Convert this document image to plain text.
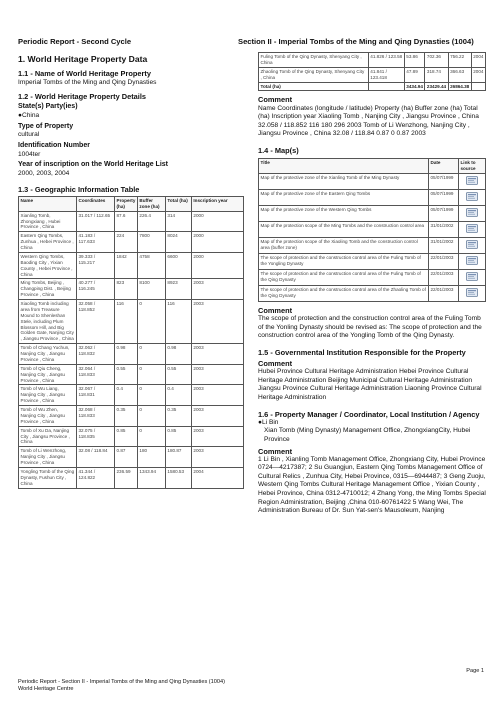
Periodic Report - Second Cycle	Section II - Imperial Tombs of the Ming and Qing Dynasties (1004)
1. World Heritage Property Data
1.1 - Name of World Heritage Property
Imperial Tombs of the Ming and Qing Dynasties
1.2 - World Heritage Property Details
State(s) Party(ies)
●China
Type of Property
cultural
Identification Number
1004ter
Year of inscription on the World Heritage List
2000, 2003, 2004
1.3 - Geographic Information Table
Name	Coordinates	Property (ha)	Buffer zone (ha)	Total (ha)	Inscription year
Xianling Tomb, Zhongxiang , Hubei Province , China	31.017 / 112.65	87.6	226.4	314	2000
Eastern Qing Tombs, Zunhua , Hebei Province , China	41.183 / 117.633	224	7800	8024	2000
Western Qing Tombs, Baoding City , Yixian County , Hebei Province , China	39.333 / 115.217	1842	4758	6600	2000
Ming Tombs, Beijing , Changping Dist. , Beijing Province , China	40.277 / 116.245	823	8100	8923	2003
Xiaoling Tomb including area from Treasure Mound to Shenleshan Stele, including Plum Blossom Hill, and Big Golden Gate, Nanjing City , Jiangsu Province , China	32.058 / 118.852	116	0	116	2003
Tomb of Chang Yuchun, Nanjing City , Jiangsu Province , China	32.062 / 118.832	0.98	0	0.98	2003
Tomb of Qiu Cheng, Nanjing City , Jiangsu Province , China	32.064 / 118.833	0.55	0	0.55	2003
Tomb of Wu Liang, Nanjing City , Jiangsu Province , China	32.067 / 118.831	0.4	0	0.4	2003
Tomb of Wu Zhen, Nanjing City , Jiangsu Province , China	32.068 / 118.833	0.35	0	0.35	2003
Tomb of Xu Da, Nanjing City , Jiangsu Province , China	32.075 / 118.835	0.85	0	0.85	2003
Tomb of Li Wenzhong, Nanjing City , Jiangsu Province , China	32.08 / 118.84	0.87	180	180.87	2003
Yongling Tomb of the Qing Dynasty, Fushun City , China	41.344 / 124.822	236.59	1343.94	1580.53	2004
Fuling Tomb of the Qing Dynasty, Shenyang City , China	41.826 / 123.58	53.86	702.36	756.22	2004
Zhaoling Tomb of the Qing Dynasty, Shenyang City , China	41.841 / 123.418	47.89	318.74	366.63	2004
Total (ha)		3434.94	23429.44	26864.38	
Comment
Name Coordinates (longitude / latitude) Property (ha) Buffer zone (ha) Total (ha) Inscription year Xiaoling Tomb , Nanjing City , Jiangsu Province , China 32.058 / 118.852 116 180 296 2003 Tomb of Li Wenzhong, Nanjing City , Jiangsu Province , China 32.08 / 118.84 0.87 0 0.87 2003
1.4 - Map(s)
Title	Date	Link to source
Map of the protective zone of the Xianling Tomb of the Ming Dynasty	05/07/1999	
Map of the protective zone of the Eastern Qing Tombs	05/07/1999	
Map of the protective zone of the Western Qing Tombs	05/07/1999	
Map of the protection scope of the Ming Tombs and the construction control area	31/01/2002	
Map of the protection scope of the Xiaoling Tomb and the construction control area (buffer zone)	31/01/2002	
The scope of protection and the construction control area of the Fuling Tomb of the Yongling Dynasty	22/01/2003	
The scope of protection and the construction control area of the Fuling Tomb of the Qing Dynasty	22/01/2003	
The scope of protection and the construction control area of the Zhaoling Tomb of the Qing Dynasty	22/01/2003	
Comment
The scope of protection and the construction control area of the Fuling Tomb of the Yonling Dynasty should be revised as: The scope of protection and the construction control area of the Yongling Tomb of the Qing Dynasty.
1.5 - Governmental Institution Responsible for the Property
Comment
Hubei Province Cultural Heritage Administration Hebei Province Cultural Heritage Administration Beijing Municipal Cultural Heritage Administration Jiangsu Province Cultural Heritage Administration Liaoning Province Cultural Heritage Administration
1.6 - Property Manager / Coordinator, Local Institution / Agency
●Li Bin
Xian Tomb (Ming Dynasty) Management Office, ZhongxiangCity, Hubei Province
Comment
1 Li Bin , Xianling Tomb Management Office, Zhongxiang City, Hubei Province 0724—4217387; 2 Su Guangjun, Eastern Qing Tombs Management Office of Cultural Relics , Zunhua City, Hebei Province, 0315—6944487; 3 Geng Zuoju, Western Qing Tombs Cultural Heritage Management Office , Yixian County , Hebei Province, China 0312-4710012; 4 Zhang Yong, the Ming Tombs Special Region Administration, Beijing ,China 010-60761422 5 Wang Wei, The Administration Bureau of Dr. Sun Yat-sen's Mausoleum, Nanjing
Page 1
Periodic Report - Section II - Imperial Tombs of the Ming and Qing Dynasties (1004)
World Heritage Centre
